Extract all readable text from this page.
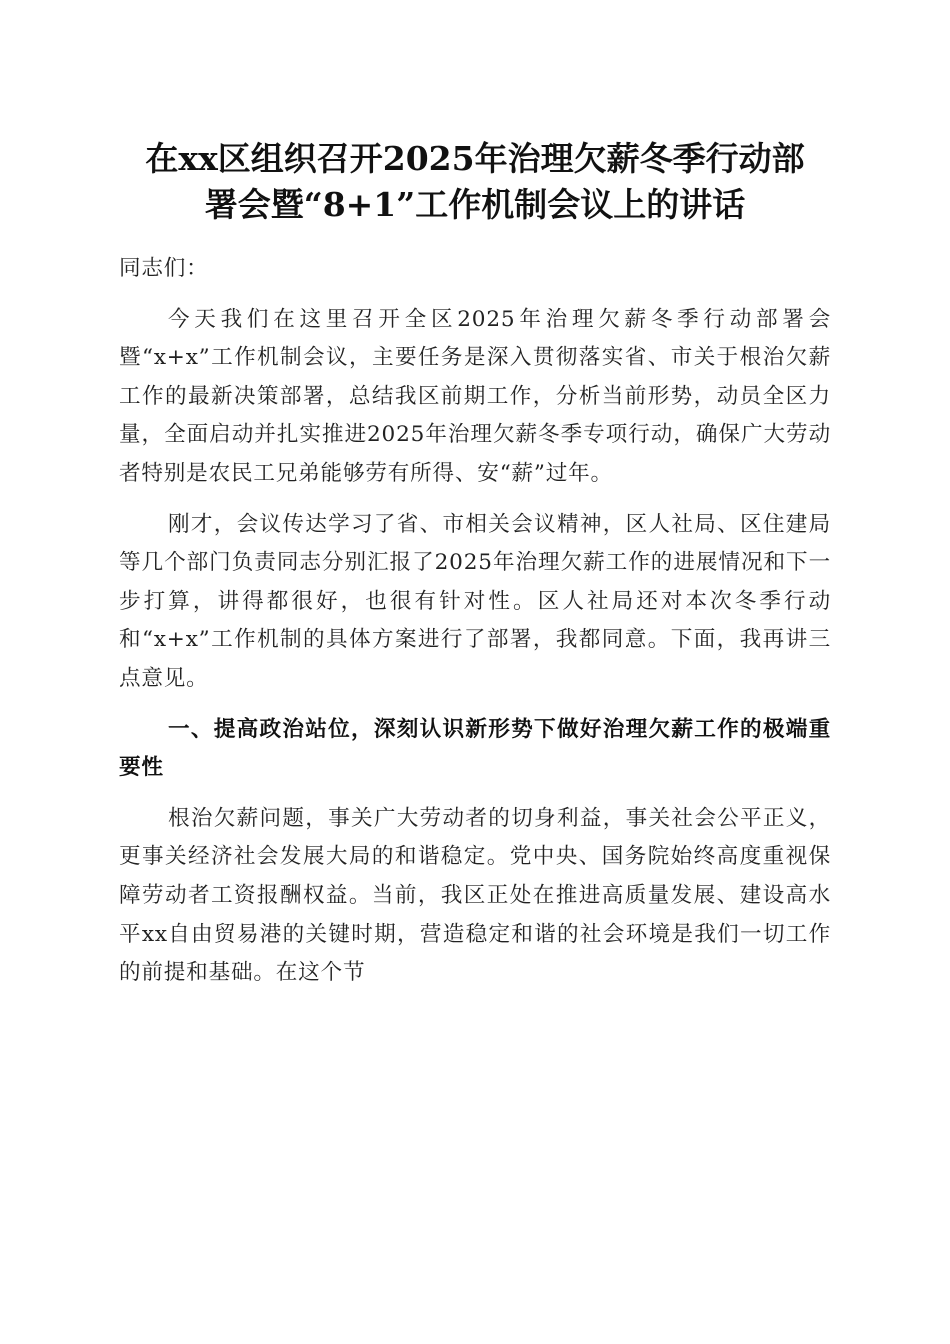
在xx区组织召开2025年治理欠薪冬季行动部
署会暨“8+1”工作机制会议上的讲话

同志们：

今天我们在这里召开全区2025年治理欠薪冬季行动部署会暨“x+x”工作机制会议，主要任务是深入贯彻落实省、市关于根治欠薪工作的最新决策部署，总结我区前期工作，分析当前形势，动员全区力量，全面启动并扎实推进2025年治理欠薪冬季专项行动，确保广大劳动者特别是农民工兄弟能够劳有所得、安“薪”过年。

刚才，会议传达学习了省、市相关会议精神，区人社局、区住建局等几个部门负责同志分别汇报了2025年治理欠薪工作的进展情况和下一步打算，讲得都很好，也很有针对性。区人社局还对本次冬季行动和“x+x”工作机制的具体方案进行了部署，我都同意。下面，我再讲三点意见。

一、提高政治站位，深刻认识新形势下做好治理欠薪工作的极端重要性

根治欠薪问题，事关广大劳动者的切身利益，事关社会公平正义，更事关经济社会发展大局的和谐稳定。党中央、国务院始终高度重视保障劳动者工资报酬权益。当前，我区正处在推进高质量发展、建设高水平xx自由贸易港的关键时期，营造稳定和谐的社会环境是我们一切工作的前提和基础。在这个节
